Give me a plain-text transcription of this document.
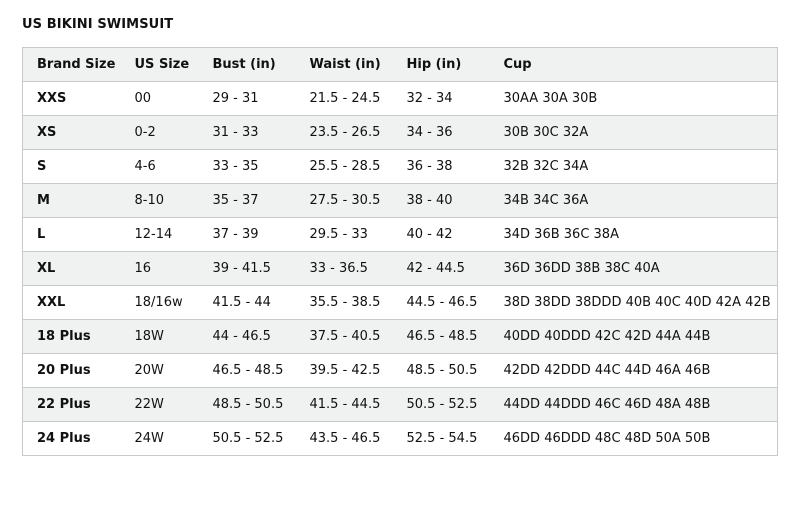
US BIKINI SWIMSUIT
Brand Size	US Size	Bust (in)	Waist (in)	Hip (in)	Cup
XXS	00	29 - 31	21.5 - 24.5	32 - 34	30AA 30A 30B
XS	0-2	31 - 33	23.5 - 26.5	34 - 36	30B 30C 32A
S	4-6	33 - 35	25.5 - 28.5	36 - 38	32B 32C 34A
M	8-10	35 - 37	27.5 - 30.5	38 - 40	34B 34C 36A
L	12-14	37 - 39	29.5 - 33	40 - 42	34D 36B 36C 38A
XL	16	39 - 41.5	33 - 36.5	42 - 44.5	36D 36DD 38B 38C 40A
XXL	18/16w	41.5 - 44	35.5 - 38.5	44.5 - 46.5	38D 38DD 38DDD 40B 40C 40D 42A 42B
18 Plus	18W	44 - 46.5	37.5 - 40.5	46.5 - 48.5	40DD 40DDD 42C 42D 44A 44B
20 Plus	20W	46.5 - 48.5	39.5 - 42.5	48.5 - 50.5	42DD 42DDD 44C 44D 46A 46B
22 Plus	22W	48.5 - 50.5	41.5 - 44.5	50.5 - 52.5	44DD 44DDD 46C 46D 48A 48B
24 Plus	24W	50.5 - 52.5	43.5 - 46.5	52.5 - 54.5	46DD 46DDD 48C 48D 50A 50B
